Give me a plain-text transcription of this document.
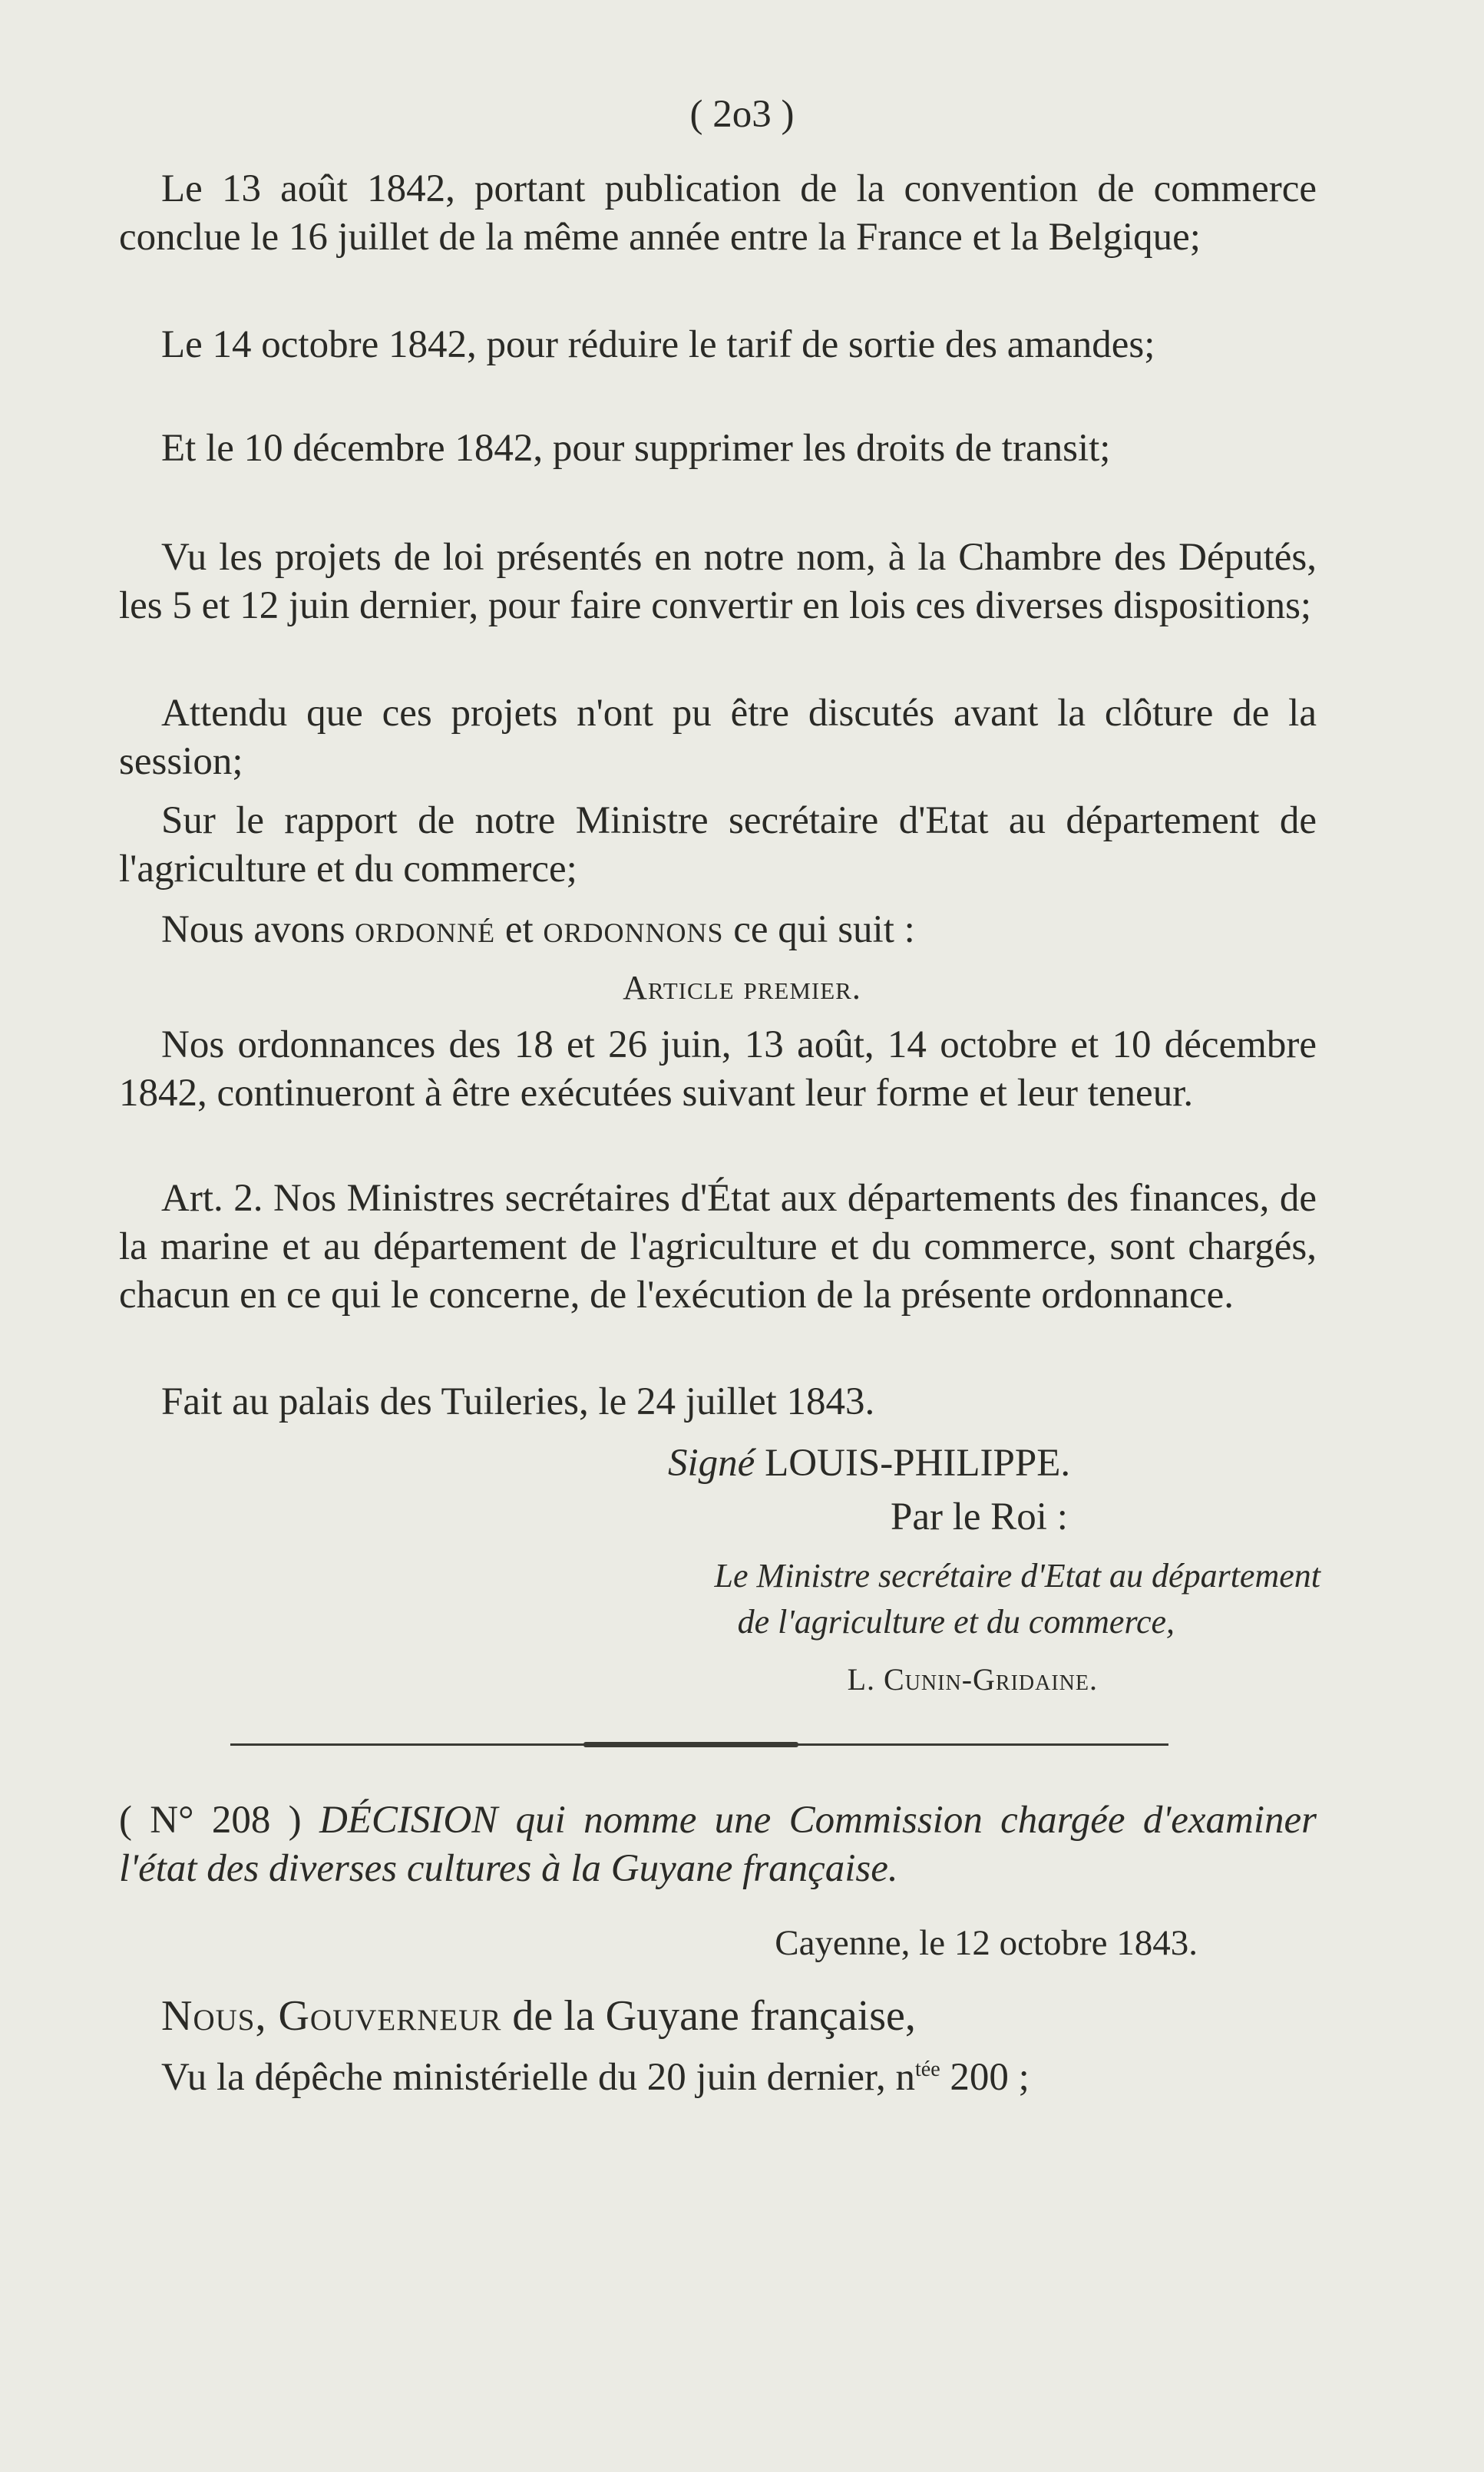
( 2o3 )

Le 13 août 1842, portant publication de la convention de commerce conclue le 16 juillet de la même année entre la France et la Belgique;

Le 14 octobre 1842, pour réduire le tarif de sortie des amandes;

Et le 10 décembre 1842, pour supprimer les droits de transit;

Vu les projets de loi présentés en notre nom, à la Chambre des Députés, les 5 et 12 juin dernier, pour faire convertir en lois ces diverses dispositions;

Attendu que ces projets n'ont pu être discutés avant la clôture de la session;

Sur le rapport de notre Ministre secrétaire d'Etat au département de l'agriculture et du commerce;

Nous avons ordonné et ordonnons ce qui suit :

Article premier.

Nos ordonnances des 18 et 26 juin, 13 août, 14 octobre et 10 décembre 1842, continueront à être exécutées suivant leur forme et leur teneur.

Art. 2. Nos Ministres secrétaires d'État aux départements des finances, de la marine et au département de l'agriculture et du commerce, sont chargés, chacun en ce qui le concerne, de l'exécution de la présente ordonnance.

Fait au palais des Tuileries, le 24 juillet 1843.

Signé LOUIS-PHILIPPE.
Par le Roi :
Le Ministre secrétaire d'Etat au département
de l'agriculture et du commerce,
L. Cunin-Gridaine.

( N° 208 ) DÉCISION qui nomme une Commission chargée d'examiner l'état des diverses cultures à la Guyane française.

Cayenne, le 12 octobre 1843.

Nous, Gouverneur de la Guyane française,

Vu la dépêche ministérielle du 20 juin dernier, $n^{tée}$ 200 ;
